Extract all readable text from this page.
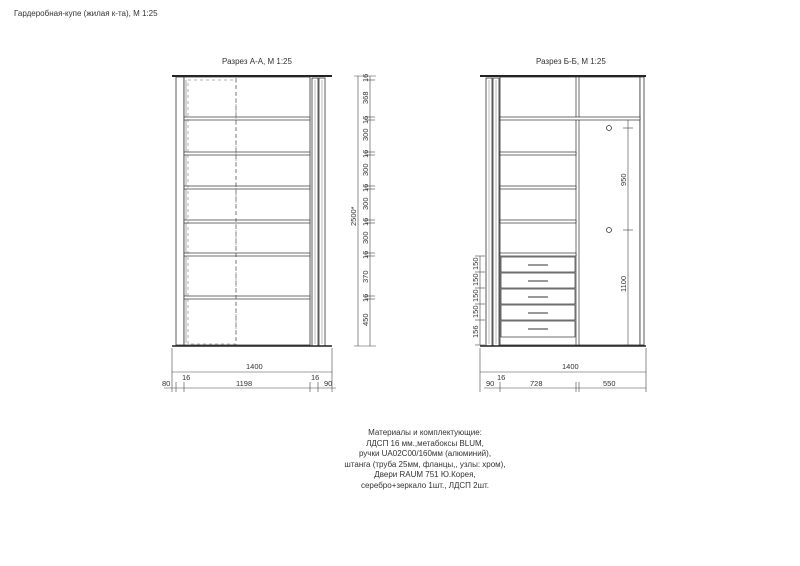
Гардеробная-купе (жилая к-та), М 1:25
Разрез А-А, М 1:25
16
368
16
300
16
300
16
300
16
300
16
370
16
450
2500*
1400
80
16
1198
16
90
Разрез Б-Б, М 1:25
950
1100
150
150
150
150
156
1400
90
16
728	550
Материалы и комплектующие:
ЛДСП 16 мм.,метабоксы BLUM,
ручки UA02C00/160мм (алюминий),
штанга (труба 25мм, фланцы,, узлы: хром),
Двери RAUM 751 Ю.Корея,
серебро+зеркало 1шт., ЛДСП 2шт.
